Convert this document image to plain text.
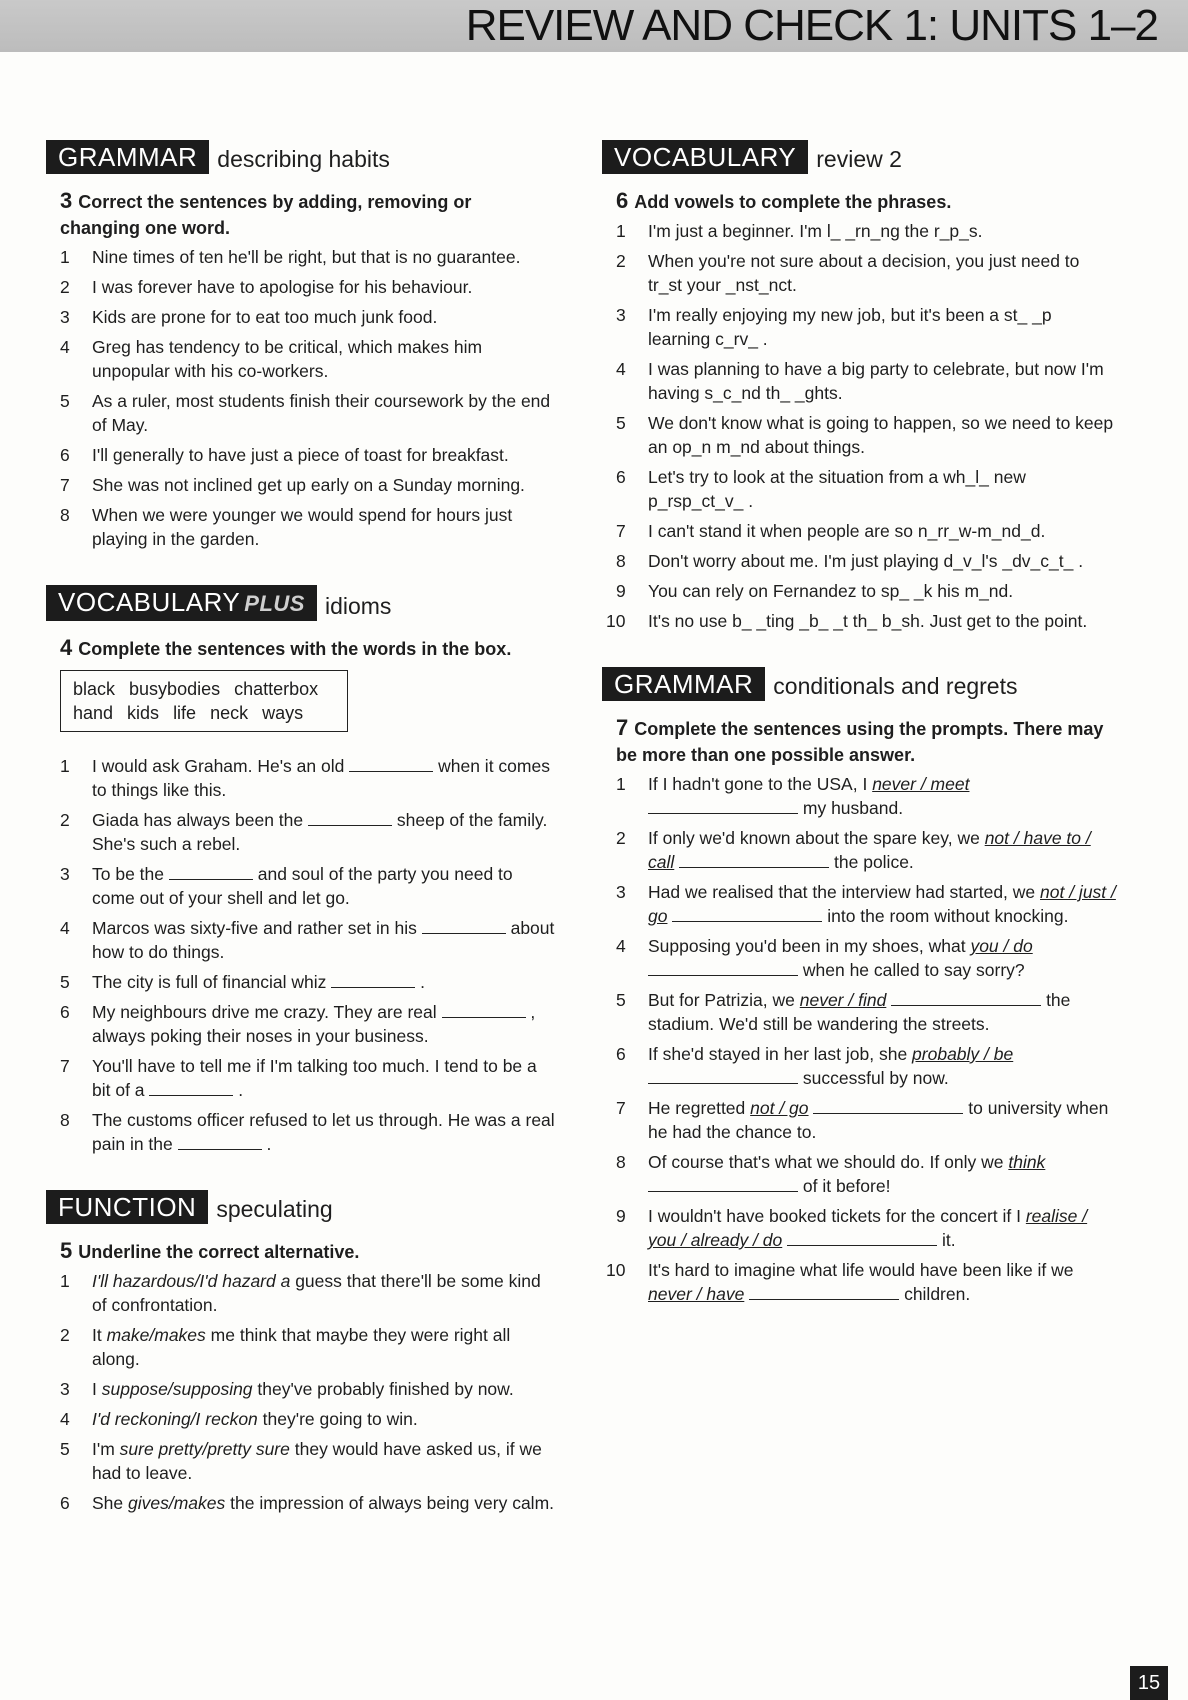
REVIEW AND CHECK 1: UNITS 1–2
GRAMMAR describing habits

3 Correct the sentences by adding, removing or changing one word.

1	Nine times of ten he'll be right, but that is no guarantee.
2	I was forever have to apologise for his behaviour.
3	Kids are prone for to eat too much junk food.
4	Greg has tendency to be critical, which makes him unpopular with his co-workers.
5	As a ruler, most students finish their coursework by the end of May.
6	I'll generally to have just a piece of toast for breakfast.
7	She was not inclined get up early on a Sunday morning.
8	When we were younger we would spend for hours just playing in the garden.
VOCABULARY PLUS idioms

4 Complete the sentences with the words in the box.

black busybodies chatterbox
hand kids life neck ways
1	I would ask Graham. He's an old	when it comes to things like this.
2	Giada has always been the	sheep of the family. She's such a rebel.
3	To be the	and soul of the party you need to come out of your shell and let go.
4	Marcos was sixty-five and rather set in his	about how to do things.
5	The city is full of financial whiz	.
6	My neighbours drive me crazy. They are real	, always poking their noses in your business.
7	You'll have to tell me if I'm talking too much. I tend to be a bit of a	.
8	The customs officer refused to let us through. He was a real pain in the	.
FUNCTION speculating

5 Underline the correct alternative.

1	I'll hazardous/I'd hazard a guess that there'll be some kind of confrontation.
2	It make/makes me think that maybe they were right all along.
3	I suppose/supposing they've probably finished by now.
4	I'd reckoning/I reckon they're going to win.
5	I'm sure pretty/pretty sure they would have asked us, if we had to leave.
6	She gives/makes the impression of always being very calm.
VOCABULARY review 2

6 Add vowels to complete the phrases.

1	I'm just a beginner. I'm l_ _rn_ng the r_p_s.
2	When you're not sure about a decision, you just need to tr_st your _nst_nct.
3	I'm really enjoying my new job, but it's been a st_ _p learning c_rv_ .
4	I was planning to have a big party to celebrate, but now I'm having s_c_nd th_ _ghts.
5	We don't know what is going to happen, so we need to keep an op_n m_nd about things.
6	Let's try to look at the situation from a wh_l_ new p_rsp_ct_v_ .
7	I can't stand it when people are so n_rr_w-m_nd_d.
8	Don't worry about me. I'm just playing d_v_l's _dv_c_t_ .
9	You can rely on Fernandez to sp_ _k his m_nd.
10	It's no use b_ _ting _b_ _t th_ b_sh. Just get to the point.
GRAMMAR conditionals and regrets

7 Complete the sentences using the prompts. There may be more than one possible answer.

1	If I hadn't gone to the USA, I never / meet  my husband.
2	If only we'd known about the spare key, we not / have to / call	the police.
3	Had we realised that the interview had started, we not / just / go	into the room without knocking.
4	Supposing you'd been in my shoes, what you / do  when he called to say sorry?
5	But for Patrizia, we never / find	the stadium. We'd still be wandering the streets.
6	If she'd stayed in her last job, she probably / be  successful by now.
7	He regretted not / go	to university when he had the chance to.
8	Of course that's what we should do. If only we think  of it before!
9	I wouldn't have booked tickets for the concert if I realise / you / already / do	it.
10	It's hard to imagine what life would have been like if we never / have	children.
15
